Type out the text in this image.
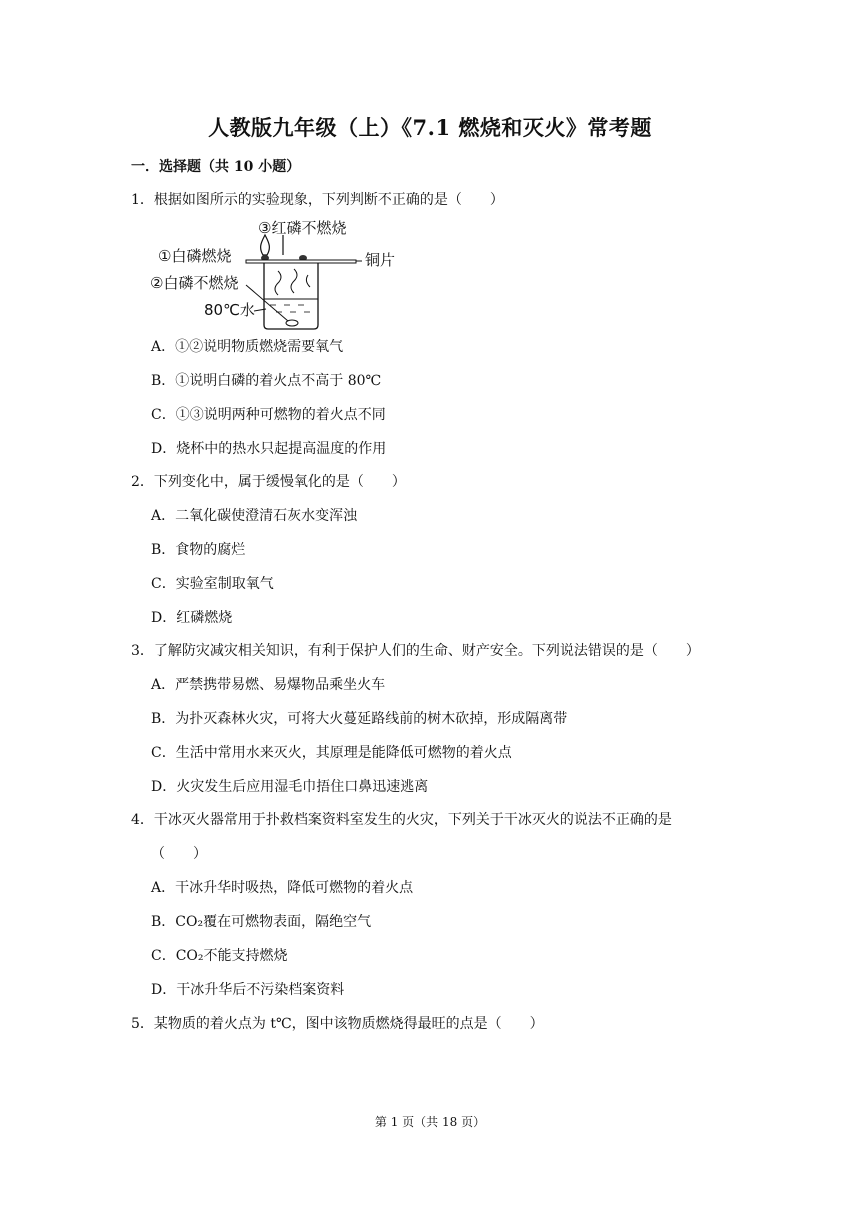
人教版九年级（上）《7.1 燃烧和灭火》常考题
一．选择题（共 10 小题）
1．根据如图所示的实验现象，下列判断不正确的是（　　）
③红磷不燃烧
①白磷燃烧	铜片
②白磷不燃烧
80℃水
A．①②说明物质燃烧需要氧气
B．①说明白磷的着火点不高于 80℃
C．①③说明两种可燃物的着火点不同
D．烧杯中的热水只起提高温度的作用
2．下列变化中，属于缓慢氧化的是（　　）
A．二氧化碳使澄清石灰水变浑浊
B．食物的腐烂
C．实验室制取氧气
D．红磷燃烧
3．了解防灾减灾相关知识，有利于保护人们的生命、财产安全。下列说法错误的是（　　）
A．严禁携带易燃、易爆物品乘坐火车
B．为扑灭森林火灾，可将大火蔓延路线前的树木砍掉，形成隔离带
C．生活中常用水来灭火，其原理是能降低可燃物的着火点
D．火灾发生后应用湿毛巾捂住口鼻迅速逃离
4．干冰灭火器常用于扑救档案资料室发生的火灾，下列关于干冰灭火的说法不正确的是
（　　）
A．干冰升华时吸热，降低可燃物的着火点
B．CO₂覆在可燃物表面，隔绝空气
C．CO₂不能支持燃烧
D．干冰升华后不污染档案资料
5．某物质的着火点为 t℃，图中该物质燃烧得最旺的点是（　　）
第 1 页（共 18 页）
